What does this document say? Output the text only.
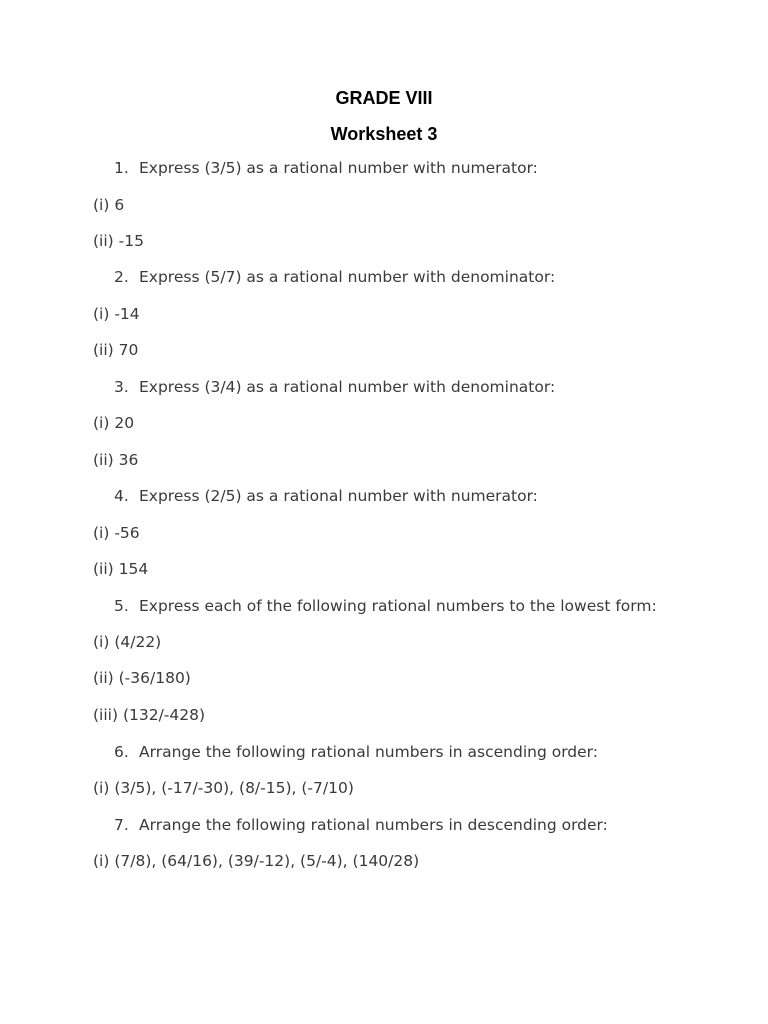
GRADE VIII
Worksheet 3

1. Express (3/5) as a rational number with numerator:

(i) 6

(ii) -15

2. Express (5/7) as a rational number with denominator:

(i) -14

(ii) 70

3. Express (3/4) as a rational number with denominator:

(i) 20

(ii) 36

4. Express (2/5) as a rational number with numerator:

(i) -56

(ii) 154

5. Express each of the following rational numbers to the lowest form:

(i) (4/22)

(ii) (-36/180)

(iii) (132/-428)

6. Arrange the following rational numbers in ascending order:

(i) (3/5), (-17/-30), (8/-15), (-7/10)

7. Arrange the following rational numbers in descending order:

(i) (7/8), (64/16), (39/-12), (5/-4), (140/28)
